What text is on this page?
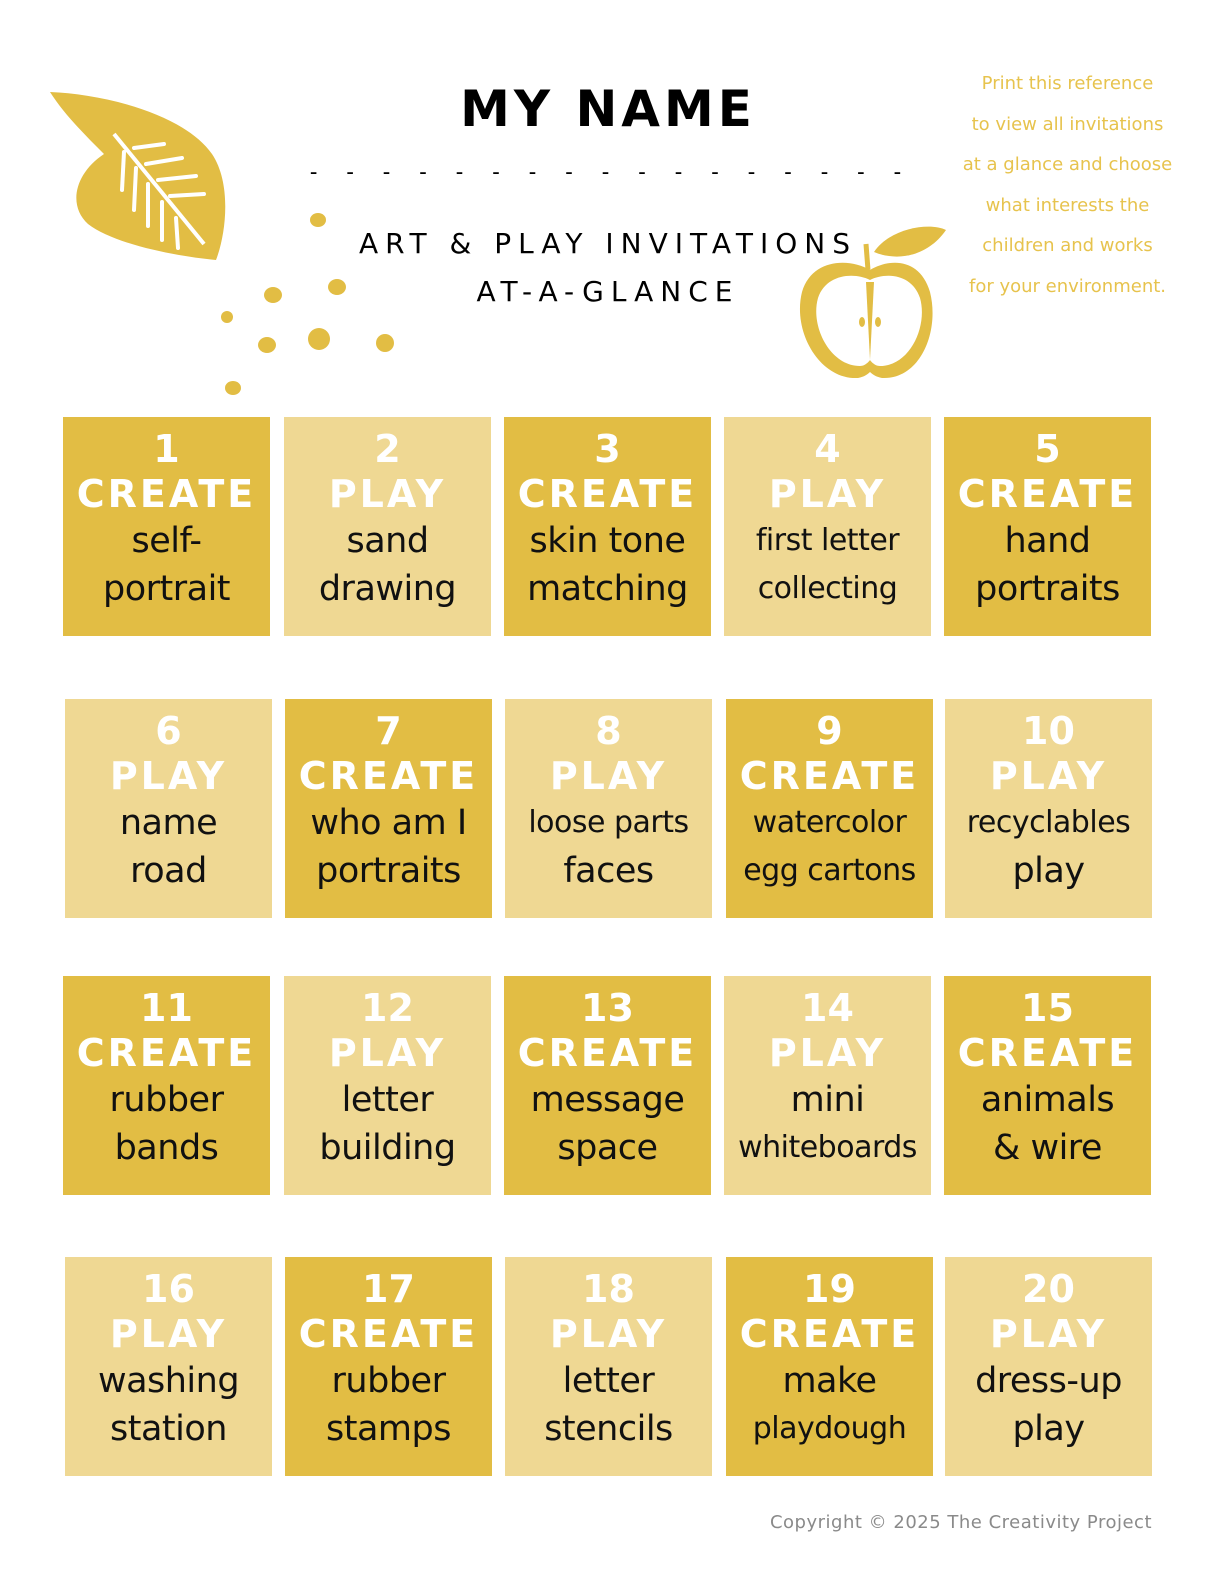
MY NAME
- - - - - - - - - - - - - - - - -
ART & PLAY INVITATIONS
AT-A-GLANCE
Print this reference
to view all invitations
at a glance and choose
what interests the
children and works
for your environment.
1
CREATE
self-
portrait
2
PLAY
sand
drawing
3
CREATE
skin tone
matching
4
PLAY
first letter
collecting
5
CREATE
hand
portraits
6
PLAY
name
road
7
CREATE
who am I
portraits
8
PLAY
loose parts
faces
9
CREATE
watercolor
egg cartons
10
PLAY
recyclables
play
11
CREATE
rubber
bands
12
PLAY
letter
building
13
CREATE
message
space
14
PLAY
mini
whiteboards
15
CREATE
animals
& wire
16
PLAY
washing
station
17
CREATE
rubber
stamps
18
PLAY
letter
stencils
19
CREATE
make
playdough
20
PLAY
dress-up
play
Copyright © 2025 The Creativity Project
